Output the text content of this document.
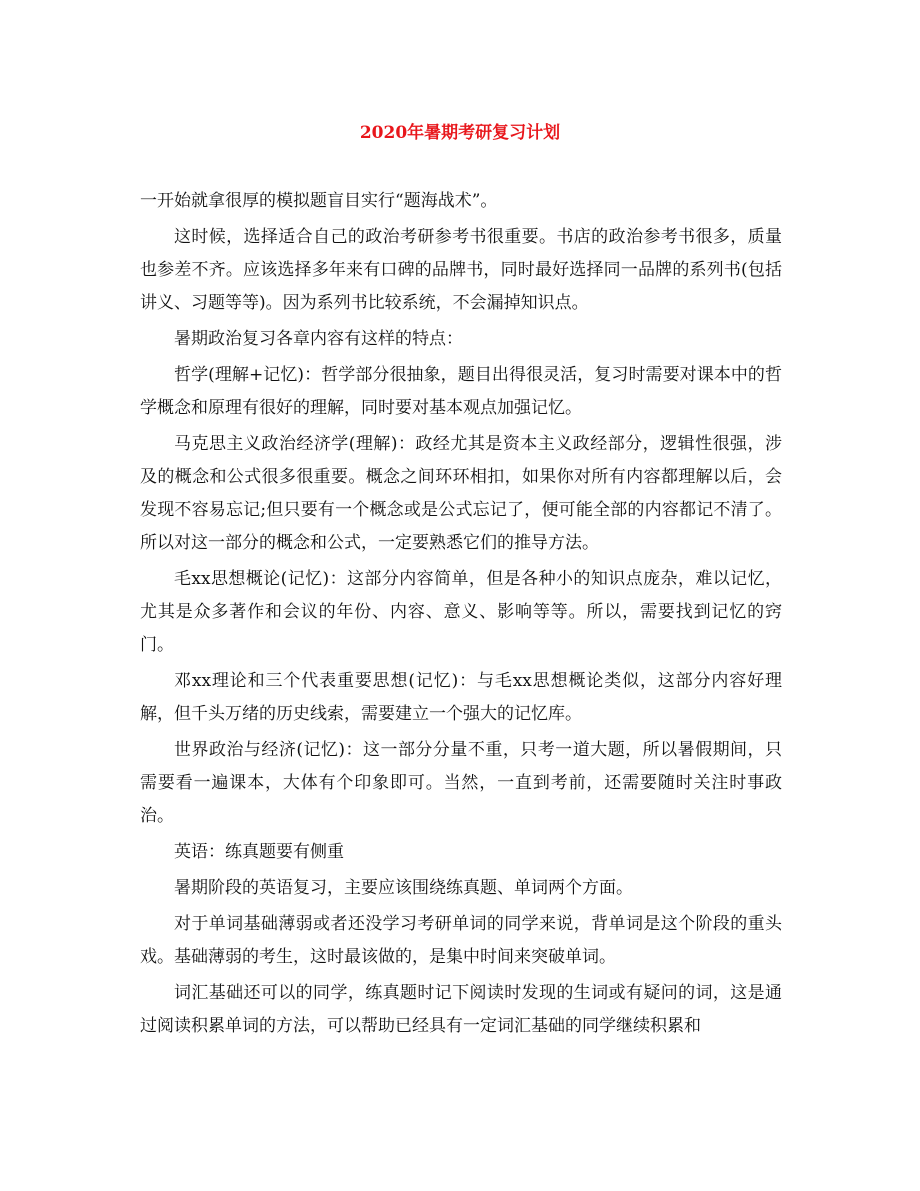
2020年暑期考研复习计划

一开始就拿很厚的模拟题盲目实行“题海战术”。

这时候，选择适合自己的政治考研参考书很重要。书店的政治参考书很多，质量也参差不齐。应该选择多年来有口碑的品牌书，同时最好选择同一品牌的系列书(包括讲义、习题等等)。因为系列书比较系统，不会漏掉知识点。

暑期政治复习各章内容有这样的特点：

哲学(理解+记忆)：哲学部分很抽象，题目出得很灵活，复习时需要对课本中的哲学概念和原理有很好的理解，同时要对基本观点加强记忆。

马克思主义政治经济学(理解)：政经尤其是资本主义政经部分，逻辑性很强，涉及的概念和公式很多很重要。概念之间环环相扣，如果你对所有内容都理解以后，会发现不容易忘记;但只要有一个概念或是公式忘记了，便可能全部的内容都记不清了。所以对这一部分的概念和公式，一定要熟悉它们的推导方法。

毛xx思想概论(记忆)：这部分内容简单，但是各种小的知识点庞杂，难以记忆，尤其是众多著作和会议的年份、内容、意义、影响等等。所以，需要找到记忆的窍门。

邓xx理论和三个代表重要思想(记忆)：与毛xx思想概论类似，这部分内容好理解，但千头万绪的历史线索，需要建立一个强大的记忆库。

世界政治与经济(记忆)：这一部分分量不重，只考一道大题，所以暑假期间，只需要看一遍课本，大体有个印象即可。当然，一直到考前，还需要随时关注时事政治。

英语：练真题要有侧重

暑期阶段的英语复习，主要应该围绕练真题、单词两个方面。

对于单词基础薄弱或者还没学习考研单词的同学来说，背单词是这个阶段的重头戏。基础薄弱的考生，这时最该做的，是集中时间来突破单词。

词汇基础还可以的同学，练真题时记下阅读时发现的生词或有疑问的词，这是通过阅读积累单词的方法，可以帮助已经具有一定词汇基础的同学继续积累和
